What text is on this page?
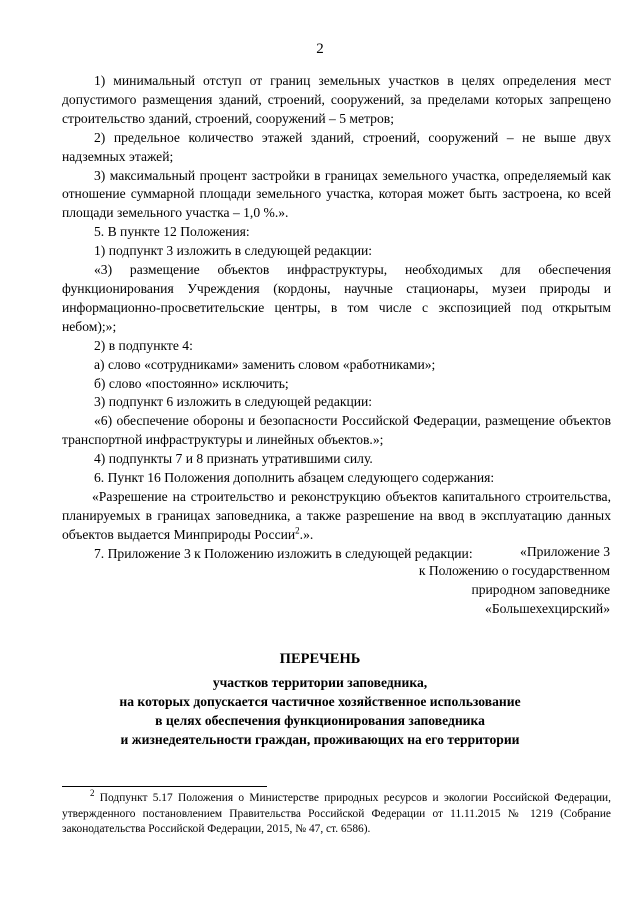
2

1) минимальный отступ от границ земельных участков в целях определения мест допустимого размещения зданий, строений, сооружений, за пределами которых запрещено строительство зданий, строений, сооружений – 5 метров;

2) предельное количество этажей зданий, строений, сооружений – не выше двух надземных этажей;

3) максимальный процент застройки в границах земельного участка, определяемый как отношение суммарной площади земельного участка, которая может быть застроена, ко всей площади земельного участка – 1,0 %.».

5. В пункте 12 Положения:

1) подпункт 3 изложить в следующей редакции:

«3) размещение объектов инфраструктуры, необходимых для обеспечения функционирования Учреждения (кордоны, научные стационары, музеи природы и информационно-просветительские центры, в том числе с экспозицией под открытым небом);»;

2) в подпункте 4:

а) слово «сотрудниками» заменить словом «работниками»;

б) слово «постоянно» исключить;

3) подпункт 6 изложить в следующей редакции:

«6) обеспечение обороны и безопасности Российской Федерации, размещение объектов транспортной инфраструктуры и линейных объектов.»;

4) подпункты 7 и 8 признать утратившими силу.

6. Пункт 16 Положения дополнить абзацем следующего содержания:

«Разрешение на строительство и реконструкцию объектов капитального строительства, планируемых в границах заповедника, а также разрешение на ввод в эксплуатацию данных объектов выдается Минприроды России$^2$.».

7. Приложение 3 к Положению изложить в следующей редакции:	«Приложение 3
к Положению о государственном
природном заповеднике
«Большехехцирский»
ПЕРЕЧЕНЬ
участков территории заповедника,
на которых допускается частичное хозяйственное использование
в целях обеспечения функционирования заповедника
и жизнедеятельности граждан, проживающих на его территории
$^2$ Подпункт 5.17 Положения о Министерстве природных ресурсов и экологии Российской Федерации, утвержденного постановлением Правительства Российской Федерации от 11.11.2015 № 1219 (Собрание законодательства Российской Федерации, 2015, № 47, ст. 6586).
